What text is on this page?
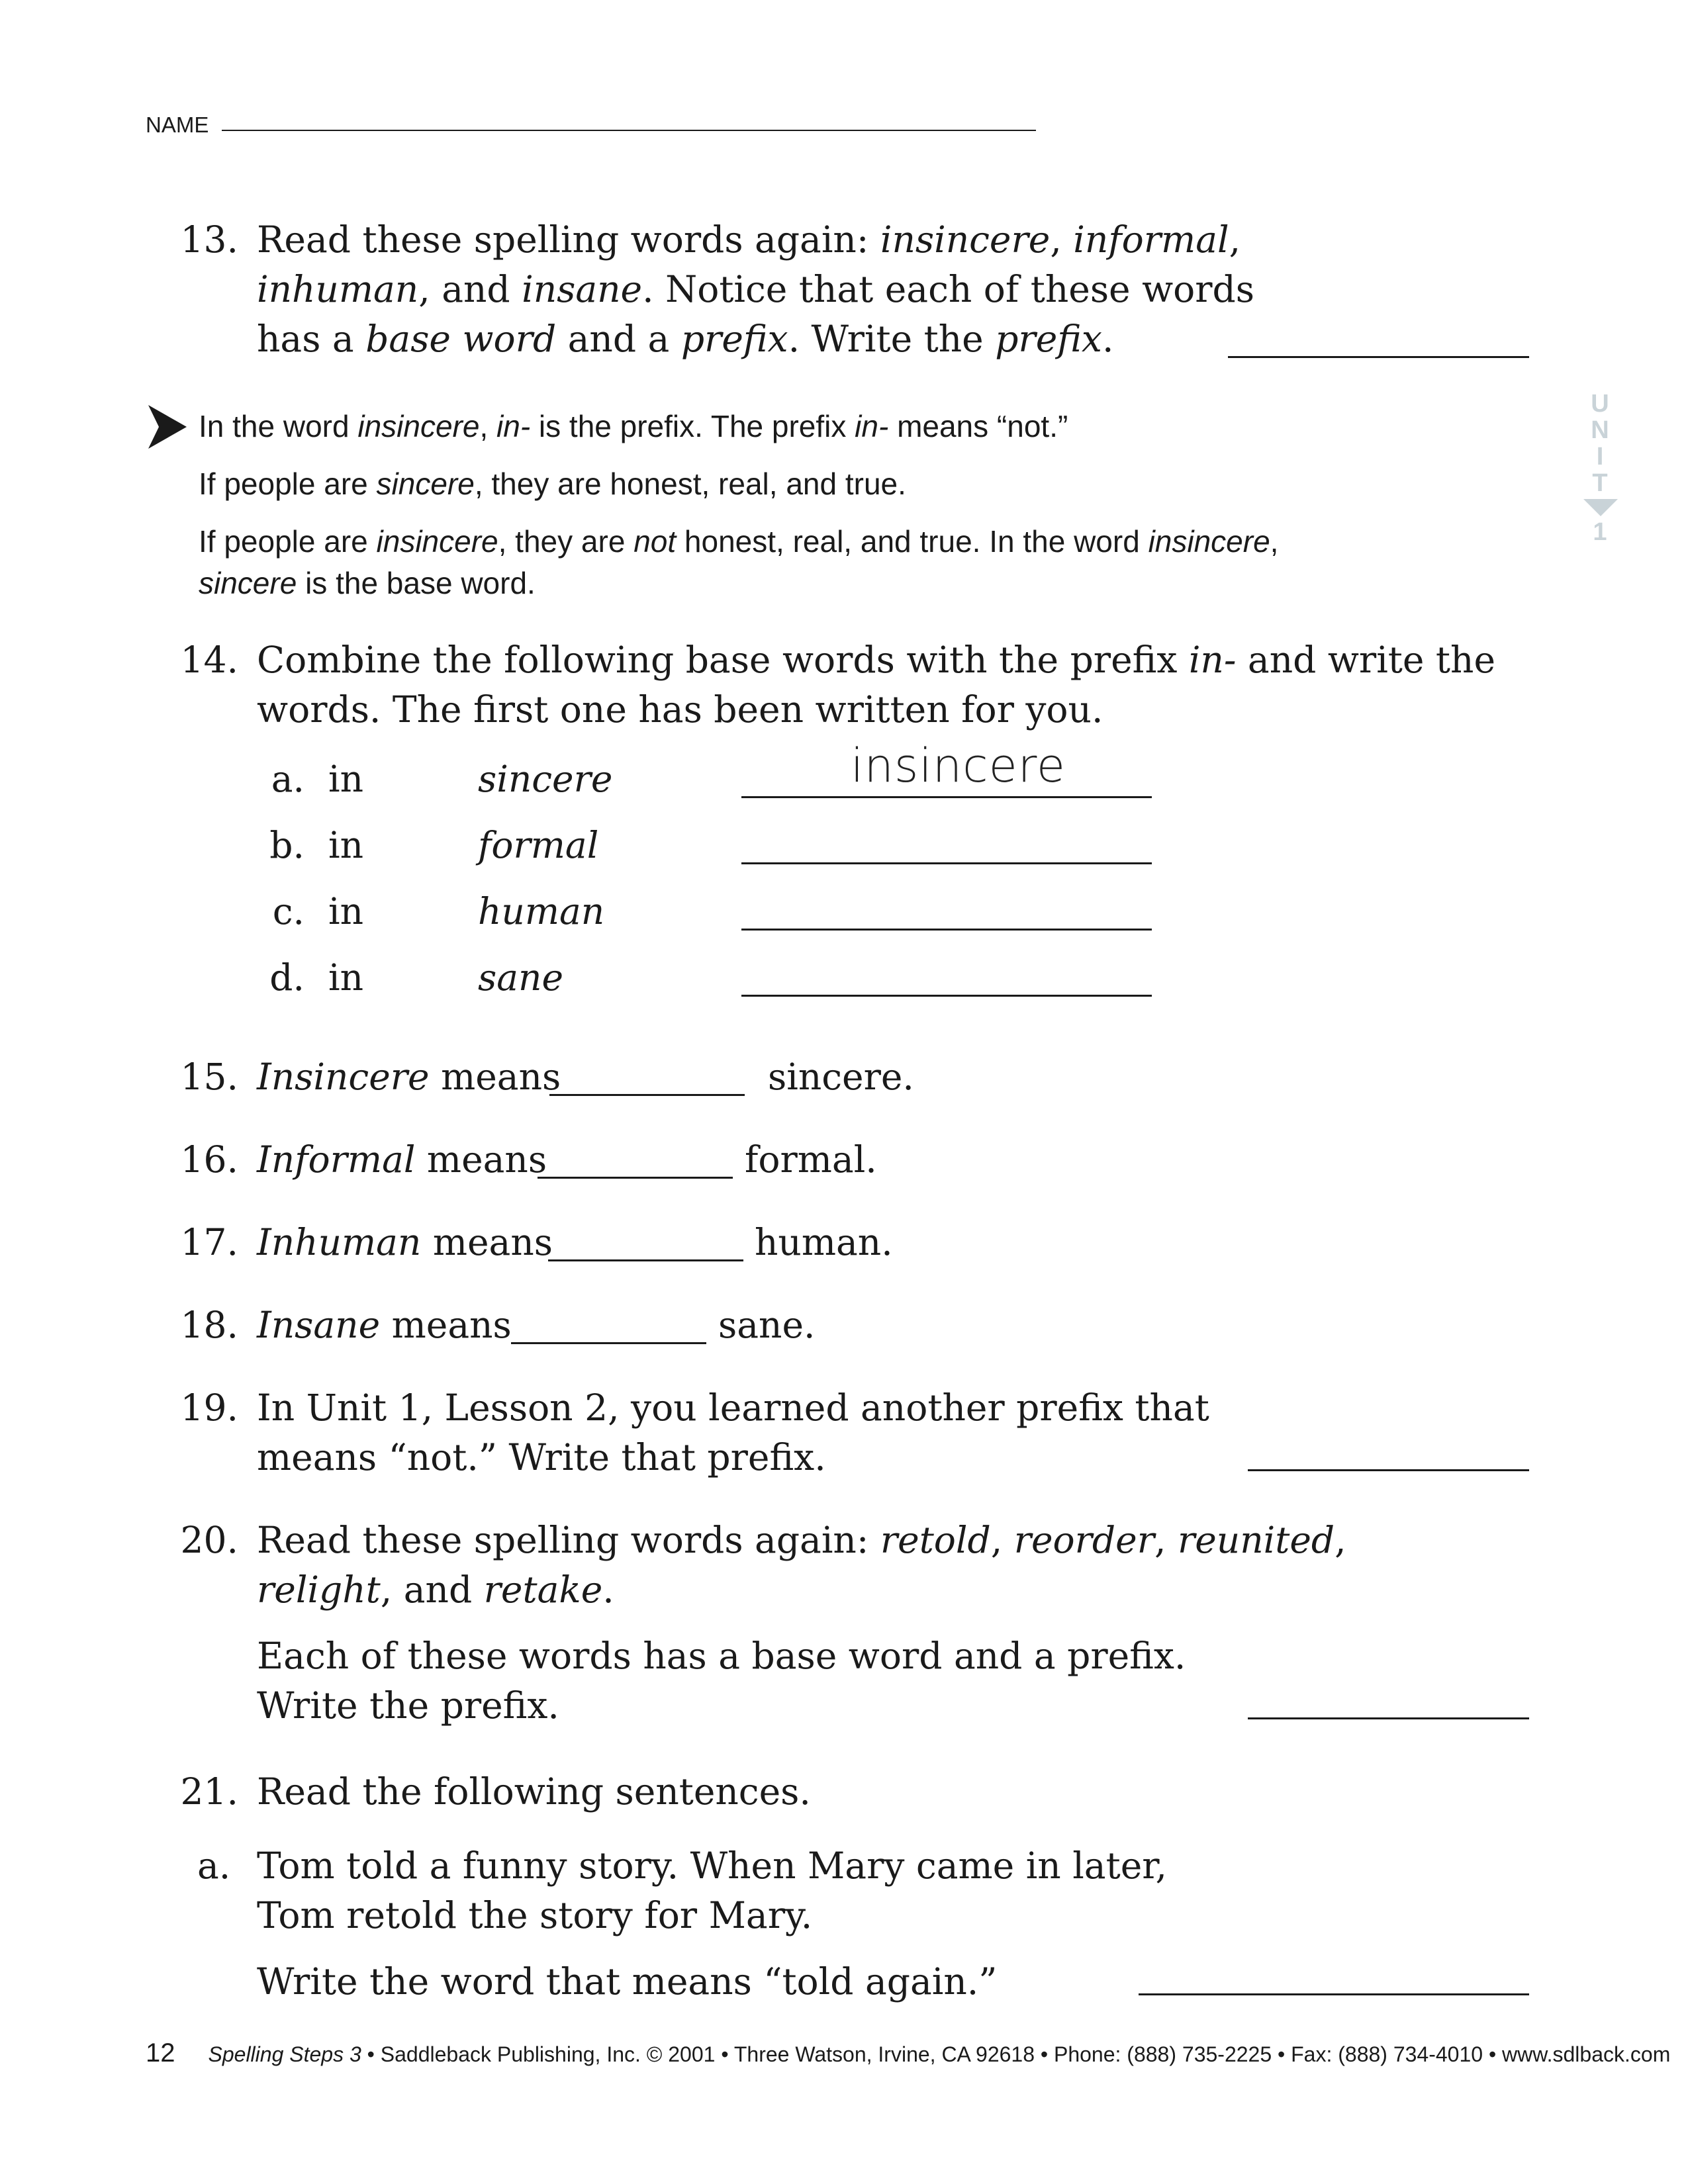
NAME
U
N
I
T
1
13. Read these spelling words again: insincere, informal,
inhuman, and insane. Notice that each of these words
has a base word and a prefix. Write the prefix.
In the word insincere, in- is the prefix. The prefix in- means “not.”
If people are sincere, they are honest, real, and true.
If people are insincere, they are not honest, real, and true. In the word insincere,
sincere is the base word.
14. Combine the following base words with the prefix in- and write the
words. The first one has been written for you.
a. in	sincere	insincere
b. in	formal
c. in	human
d. in	sane
15. Insincere means	sincere.
16. Informal means	formal.
17. Inhuman means	human.
18. Insane means	sane.
19. In Unit 1, Lesson 2, you learned another prefix that
means “not.” Write that prefix.
20. Read these spelling words again: retold, reorder, reunited,
relight, and retake.
Each of these words has a base word and a prefix.
Write the prefix.
21. Read the following sentences.
a. Tom told a funny story. When Mary came in later,
Tom retold the story for Mary.
Write the word that means “told again.”
12 Spelling Steps 3 • Saddleback Publishing, Inc. © 2001 • Three Watson, Irvine, CA 92618 • Phone: (888) 735-2225 • Fax: (888) 734-4010 • www.sdlback.com
